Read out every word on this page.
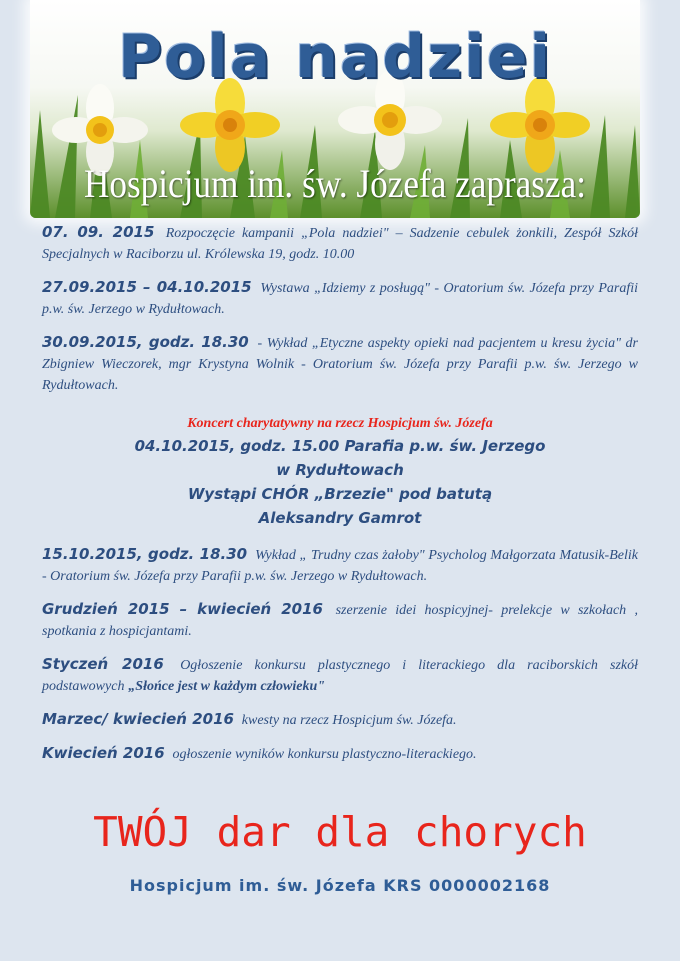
Pola nadziei
Hospicjum im. św. Józefa zaprasza:

07. 09. 2015 Rozpoczęcie kampanii „Pola nadziei" – Sadzenie cebulek żonkili, Zespół Szkół Specjalnych w Raciborzu ul. Królewska 19, godz. 10.00

27.09.2015 – 04.10.2015 Wystawa „Idziemy z posługą" - Oratorium św. Józefa przy Parafii p.w. św. Jerzego w Rydułtowach.

30.09.2015, godz. 18.30 - Wykład „Etyczne aspekty opieki nad pacjentem u kresu życia" dr Zbigniew Wieczorek, mgr Krystyna Wolnik - Oratorium św. Józefa przy Parafii p.w. św. Jerzego w Rydułtowach.

Koncert charytatywny na rzecz Hospicjum św. Józefa
04.10.2015, godz. 15.00 Parafia p.w. św. Jerzego
w Rydułtowach
Wystąpi CHÓR „Brzezie" pod batutą
Aleksandry Gamrot

15.10.2015, godz. 18.30 Wykład „ Trudny czas żałoby" Psycholog Małgorzata Matusik-Belik - Oratorium św. Józefa przy Parafii p.w. św. Jerzego w Rydułtowach.

Grudzień 2015 – kwiecień 2016 szerzenie idei hospicyjnej- prelekcje w szkołach , spotkania z hospicjantami.

Styczeń 2016 Ogłoszenie konkursu plastycznego i literackiego dla raciborskich szkół podstawowych „Słońce jest w każdym człowieku"

Marzec/ kwiecień 2016 kwesty na rzecz Hospicjum św. Józefa.

Kwiecień 2016 ogłoszenie wyników konkursu plastyczno-literackiego.

TWÓJ dar dla chorych
Hospicjum im. św. Józefa KRS 0000002168
